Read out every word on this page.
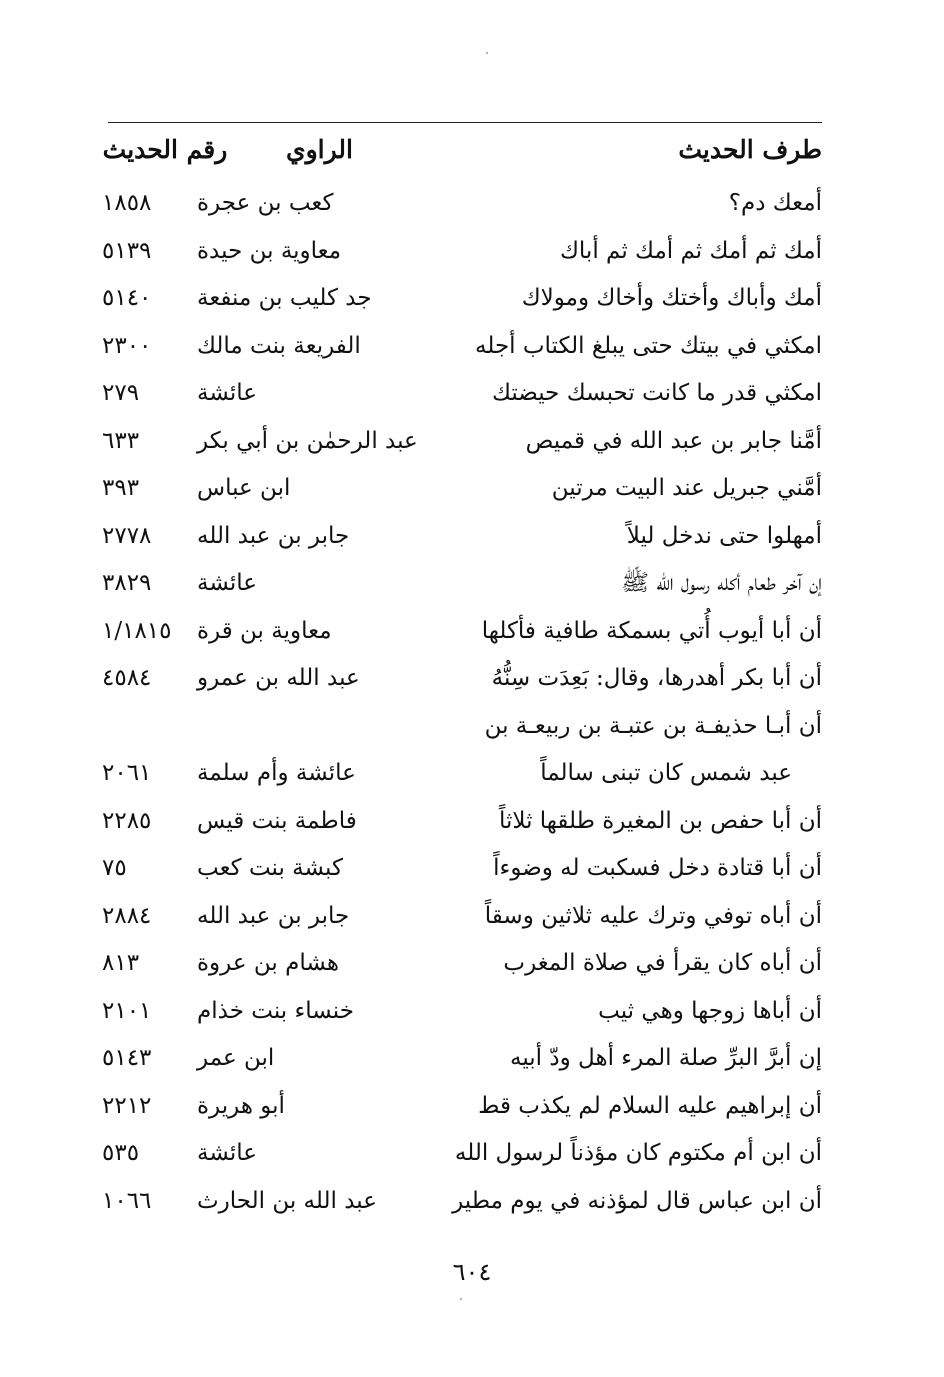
طرف الحديث
الراوي
رقم الحديث
أمعك دم؟
كعب بن عجرة
١٨٥٨
أمك ثم أمك ثم أمك ثم أباك
معاوية بن حيدة
٥١٣٩
أمك وأباك وأختك وأخاك ومولاك
جد كليب بن منفعة
٥١٤٠
امكثي في بيتك حتى يبلغ الكتاب أجله
الفريعة بنت مالك
٢٣٠٠
امكثي قدر ما كانت تحبسك حيضتك
عائشة
٢٧٩
أمَّنا جابر بن عبد الله في قميص
عبد الرحمٰن بن أبي بكر
٦٣٣
أمَّني جبريل عند البيت مرتين
ابن عباس
٣٩٣
أمهلوا حتى ندخل ليلاً
جابر بن عبد الله
٢٧٧٨
إن آخر طعام أكله رسول الله ﷺ
عائشة
٣٨٢٩
أن أبا أيوب أُتي بسمكة طافية فأكلها
معاوية بن قرة
١/١٨١٥
أن أبا بكر أهدرها، وقال: بَعِدَت سِنُّهُ
عبد الله بن عمرو
٤٥٨٤
أن أبـا حذيفـة بن عتبـة بن ربيعـة بن
عبد شمس كان تبنى سالماً
عائشة وأم سلمة
٢٠٦١
أن أبا حفص بن المغيرة طلقها ثلاثاً
فاطمة بنت قيس
٢٢٨٥
أن أبا قتادة دخل فسكبت له وضوءاً
كبشة بنت كعب
٧٥
أن أباه توفي وترك عليه ثلاثين وسقاً
جابر بن عبد الله
٢٨٨٤
أن أباه كان يقرأ في صلاة المغرب
هشام بن عروة
٨١٣
أن أباها زوجها وهي ثيب
خنساء بنت خذام
٢١٠١
إن أبرَّ البرِّ صلة المرء أهل ودّ أبيه
ابن عمر
٥١٤٣
أن إبراهيم عليه السلام لم يكذب قط
أبو هريرة
٢٢١٢
أن ابن أم مكتوم كان مؤذناً لرسول الله
عائشة
٥٣٥
أن ابن عباس قال لمؤذنه في يوم مطير
عبد الله بن الحارث
١٠٦٦
٦٠٤
